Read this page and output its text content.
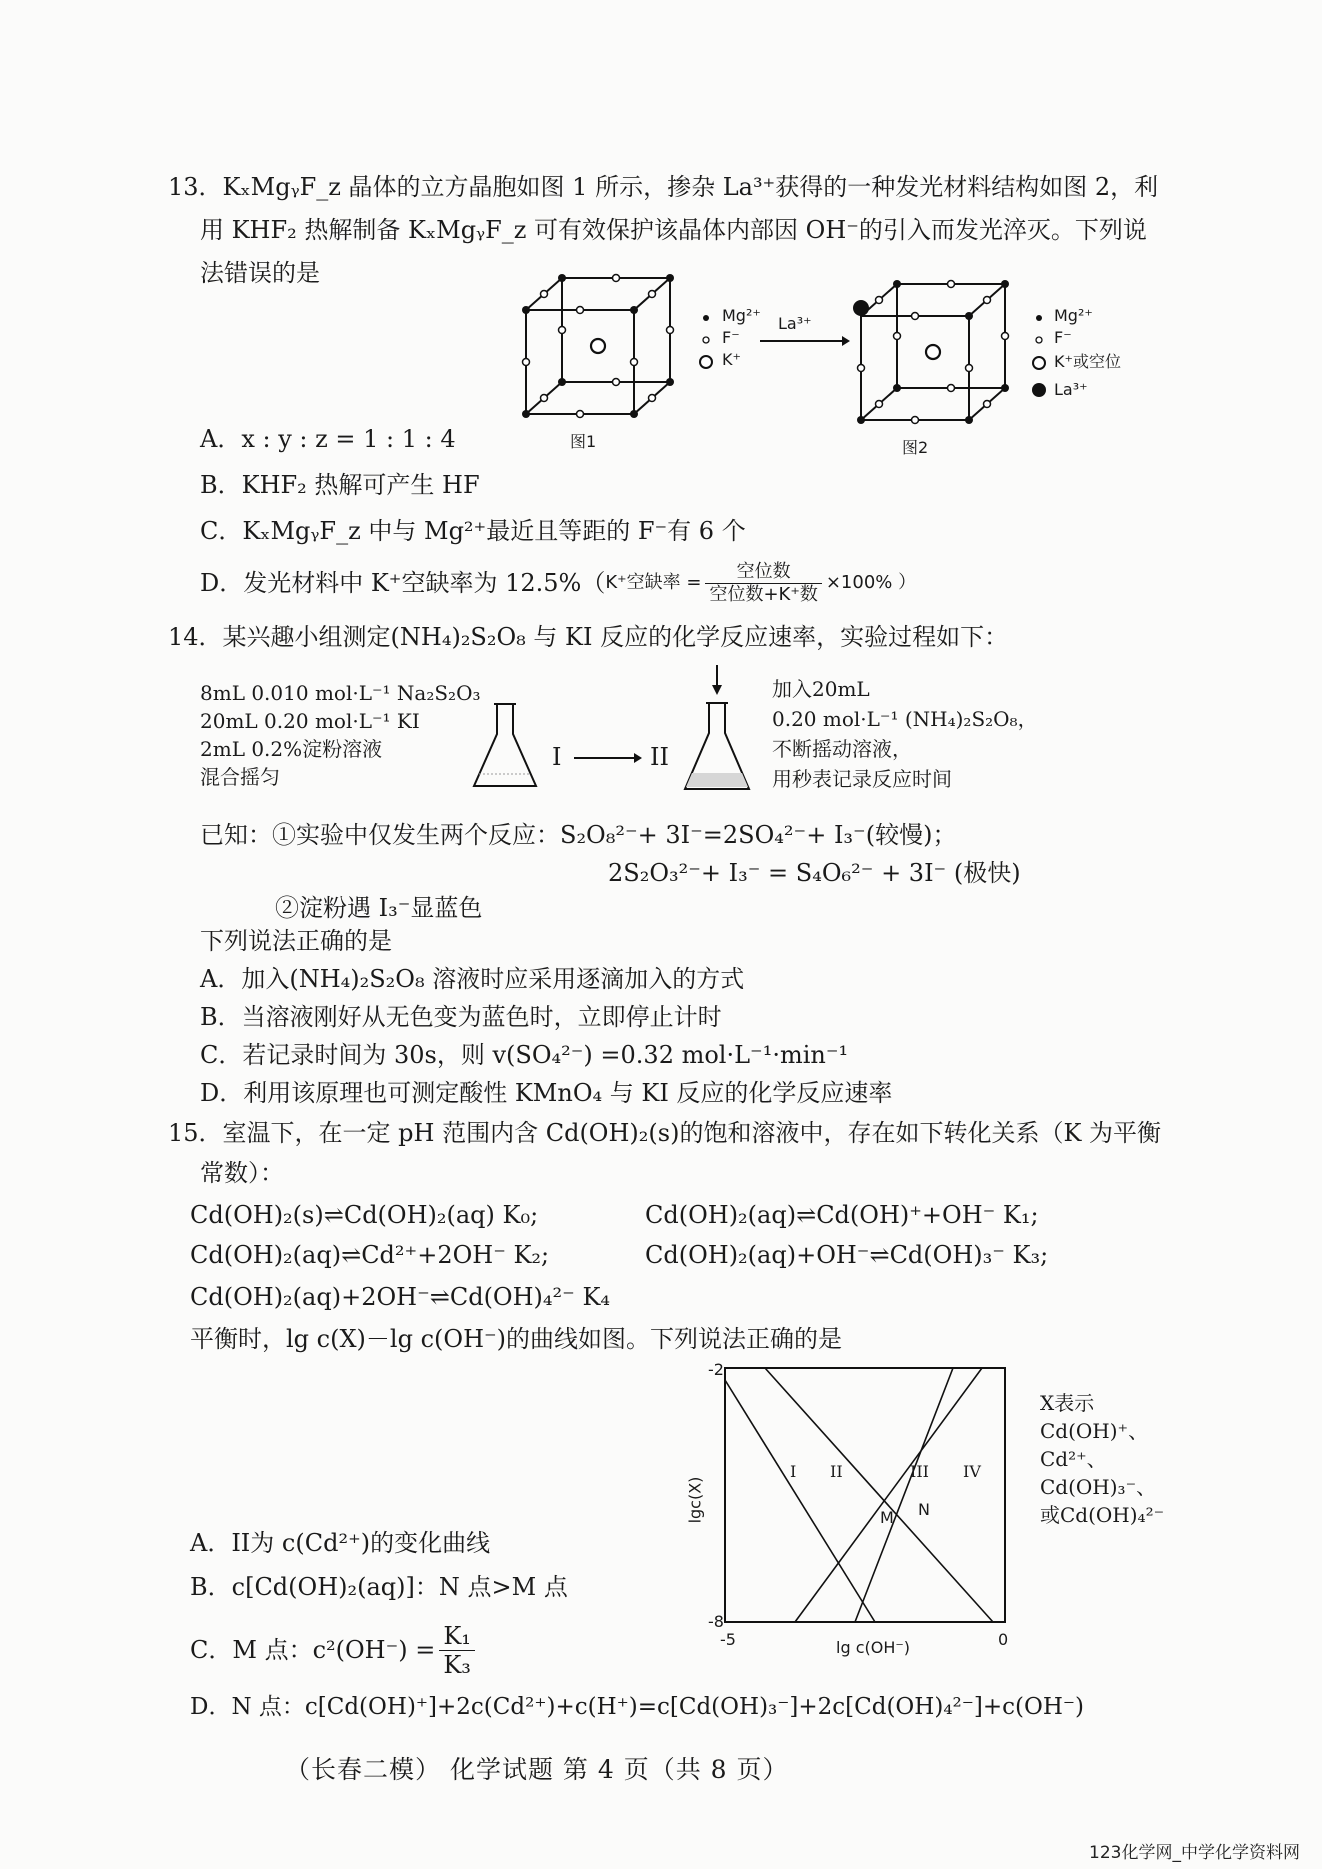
13．KₓMgᵧF_z 晶体的立方晶胞如图 1 所示，掺杂 La³⁺获得的一种发光材料结构如图 2，利
用 KHF₂ 热解制备 KₓMgᵧF_z 可有效保护该晶体内部因 OH⁻的引入而发光淬灭。下列说
法错误的是
图1
Mg²⁺
F⁻
K⁺
La³⁺
图2
Mg²⁺
F⁻
K⁺或空位
La³⁺
A．x : y : z = 1 : 1 : 4
B．KHF₂ 热解可产生 HF
C．KₓMgᵧF_z 中与 Mg²⁺最近且等距的 F⁻有 6 个
D．发光材料中 K⁺空缺率为 12.5%（ K⁺空缺率 = $\frac{\text{空位数}}{\text{空位数+K⁺数}} \times 100\%$ ）
14．某兴趣小组测定(NH₄)₂S₂O₈ 与 KI 反应的化学反应速率，实验过程如下：
8mL 0.010 mol·L⁻¹ Na₂S₂O₃
20mL 0.20 mol·L⁻¹ KI
2mL 0.2%淀粉溶液
混合摇匀
I	II
加入20mL
0.20 mol·L⁻¹ (NH₄)₂S₂O₈，
不断摇动溶液，
用秒表记录反应时间
已知：①实验中仅发生两个反应：S₂O₈²⁻+ 3I⁻=2SO₄²⁻+ I₃⁻(较慢)；
2S₂O₃²⁻+ I₃⁻ = S₄O₆²⁻ + 3I⁻ (极快)
②淀粉遇 I₃⁻显蓝色
下列说法正确的是
A．加入(NH₄)₂S₂O₈ 溶液时应采用逐滴加入的方式
B．当溶液刚好从无色变为蓝色时，立即停止计时
C．若记录时间为 30s，则 v(SO₄²⁻) =0.32 mol·L⁻¹·min⁻¹
D．利用该原理也可测定酸性 KMnO₄ 与 KI 反应的化学反应速率
15．室温下，在一定 pH 范围内含 Cd(OH)₂(s)的饱和溶液中，存在如下转化关系（K 为平衡
常数）：
Cd(OH)₂(s)⇌Cd(OH)₂(aq) K₀;	Cd(OH)₂(aq)⇌Cd(OH)⁺+OH⁻ K₁;
Cd(OH)₂(aq)⇌Cd²⁺+2OH⁻ K₂;	Cd(OH)₂(aq)+OH⁻⇌Cd(OH)₃⁻ K₃;
Cd(OH)₂(aq)+2OH⁻⇌Cd(OH)₄²⁻ K₄
平衡时，lg c(X)－lg c(OH⁻)的曲线如图。下列说法正确的是
-2
-8
-5	0
lg c(OH⁻)
lgc(X)
I II	III IV
M N
X表示
Cd(OH)⁺、
Cd²⁺、
Cd(OH)₃⁻、
或Cd(OH)₄²⁻
A．II为 c(Cd²⁺)的变化曲线
B．c[Cd(OH)₂(aq)]：N 点>M 点
C．M 点：$c^2(OH^-) = \frac{\text{K₁}}{\text{K₃}}$
D．N 点：c[Cd(OH)⁺]+2c(Cd²⁺)+c(H⁺)=c[Cd(OH)₃⁻]+2c[Cd(OH)₄²⁻]+c(OH⁻)
（长春二模） 化学试题 第 4 页（共 8 页）
123化学网_中学化学资料网
